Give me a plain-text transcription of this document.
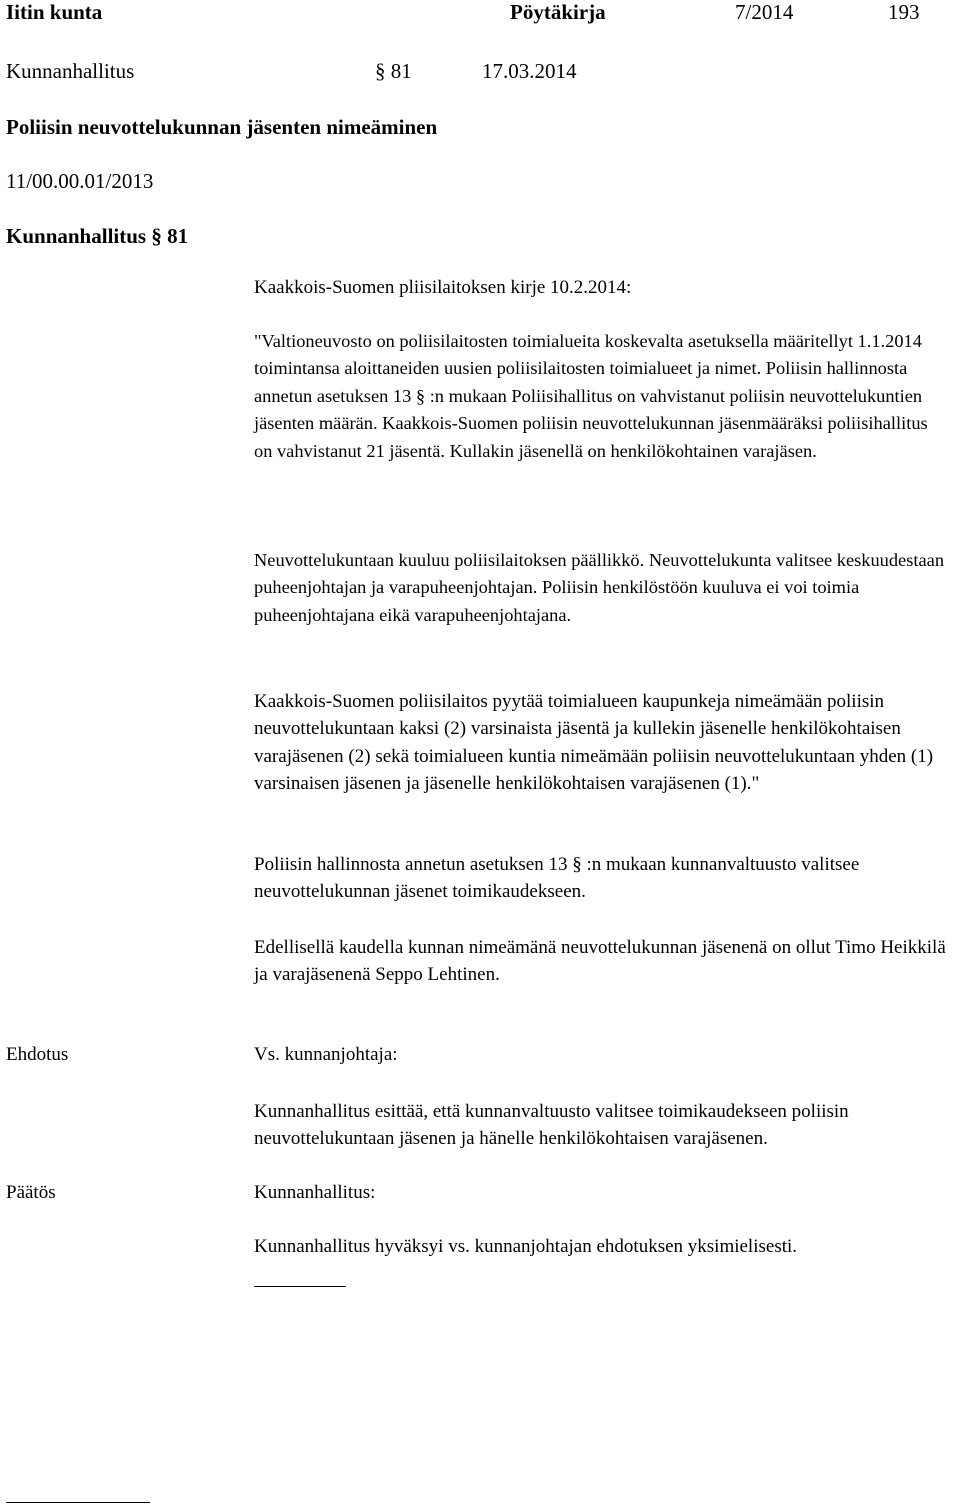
Iitin kunta	Pöytäkirja	7/2014	193
Kunnanhallitus	§ 81	17.03.2014
Poliisin neuvottelukunnan jäsenten nimeäminen
11/00.00.01/2013
Kunnanhallitus § 81
Kaakkois-Suomen pliisilaitoksen kirje 10.2.2014:

"Valtioneuvosto on poliisilaitosten toimialueita koskevalta asetuksella määritellyt 1.1.2014 toimintansa aloittaneiden uusien poliisilaitosten toimialueet ja nimet. Poliisin hallinnosta annetun asetuksen 13 § :n mukaan Poliisihallitus on vahvistanut poliisin neuvottelukuntien jäsenten määrän. Kaakkois-Suomen poliisin neuvottelukunnan jäsenmääräksi poliisihallitus on vahvistanut 21 jäsentä. Kullakin jäsenellä on henkilökohtainen varajäsen.

Neuvottelukuntaan kuuluu poliisilaitoksen päällikkö. Neuvottelukunta valitsee keskuudestaan puheenjohtajan ja varapuheenjohtajan. Poliisin henkilöstöön kuuluva ei voi toimia puheenjohtajana eikä varapuheenjohtajana.

Kaakkois-Suomen poliisilaitos pyytää toimialueen kaupunkeja nimeämään poliisin neuvottelukuntaan kaksi (2) varsinaista jäsentä ja kullekin jäsenelle henkilökohtaisen varajäsenen (2) sekä toimialueen kuntia nimeämään poliisin neuvottelukuntaan yhden (1) varsinaisen jäsenen ja jäsenelle henkilökohtaisen varajäsenen (1)."

Poliisin hallinnosta annetun asetuksen 13 § :n mukaan kunnanvaltuusto valitsee neuvottelukunnan jäsenet toimikaudekseen.

Edellisellä kaudella kunnan nimeämänä neuvottelukunnan jäsenenä on ollut Timo Heikkilä ja varajäsenenä Seppo Lehtinen.

Ehdotus	Vs. kunnanjohtaja:

Kunnanhallitus esittää, että kunnanvaltuusto valitsee toimikaudekseen poliisin neuvottelukuntaan jäsenen ja hänelle henkilökohtaisen varajäsenen.

Päätös	Kunnanhallitus:
Kunnanhallitus hyväksyi vs. kunnanjohtajan ehdotuksen yksimielisesti.
